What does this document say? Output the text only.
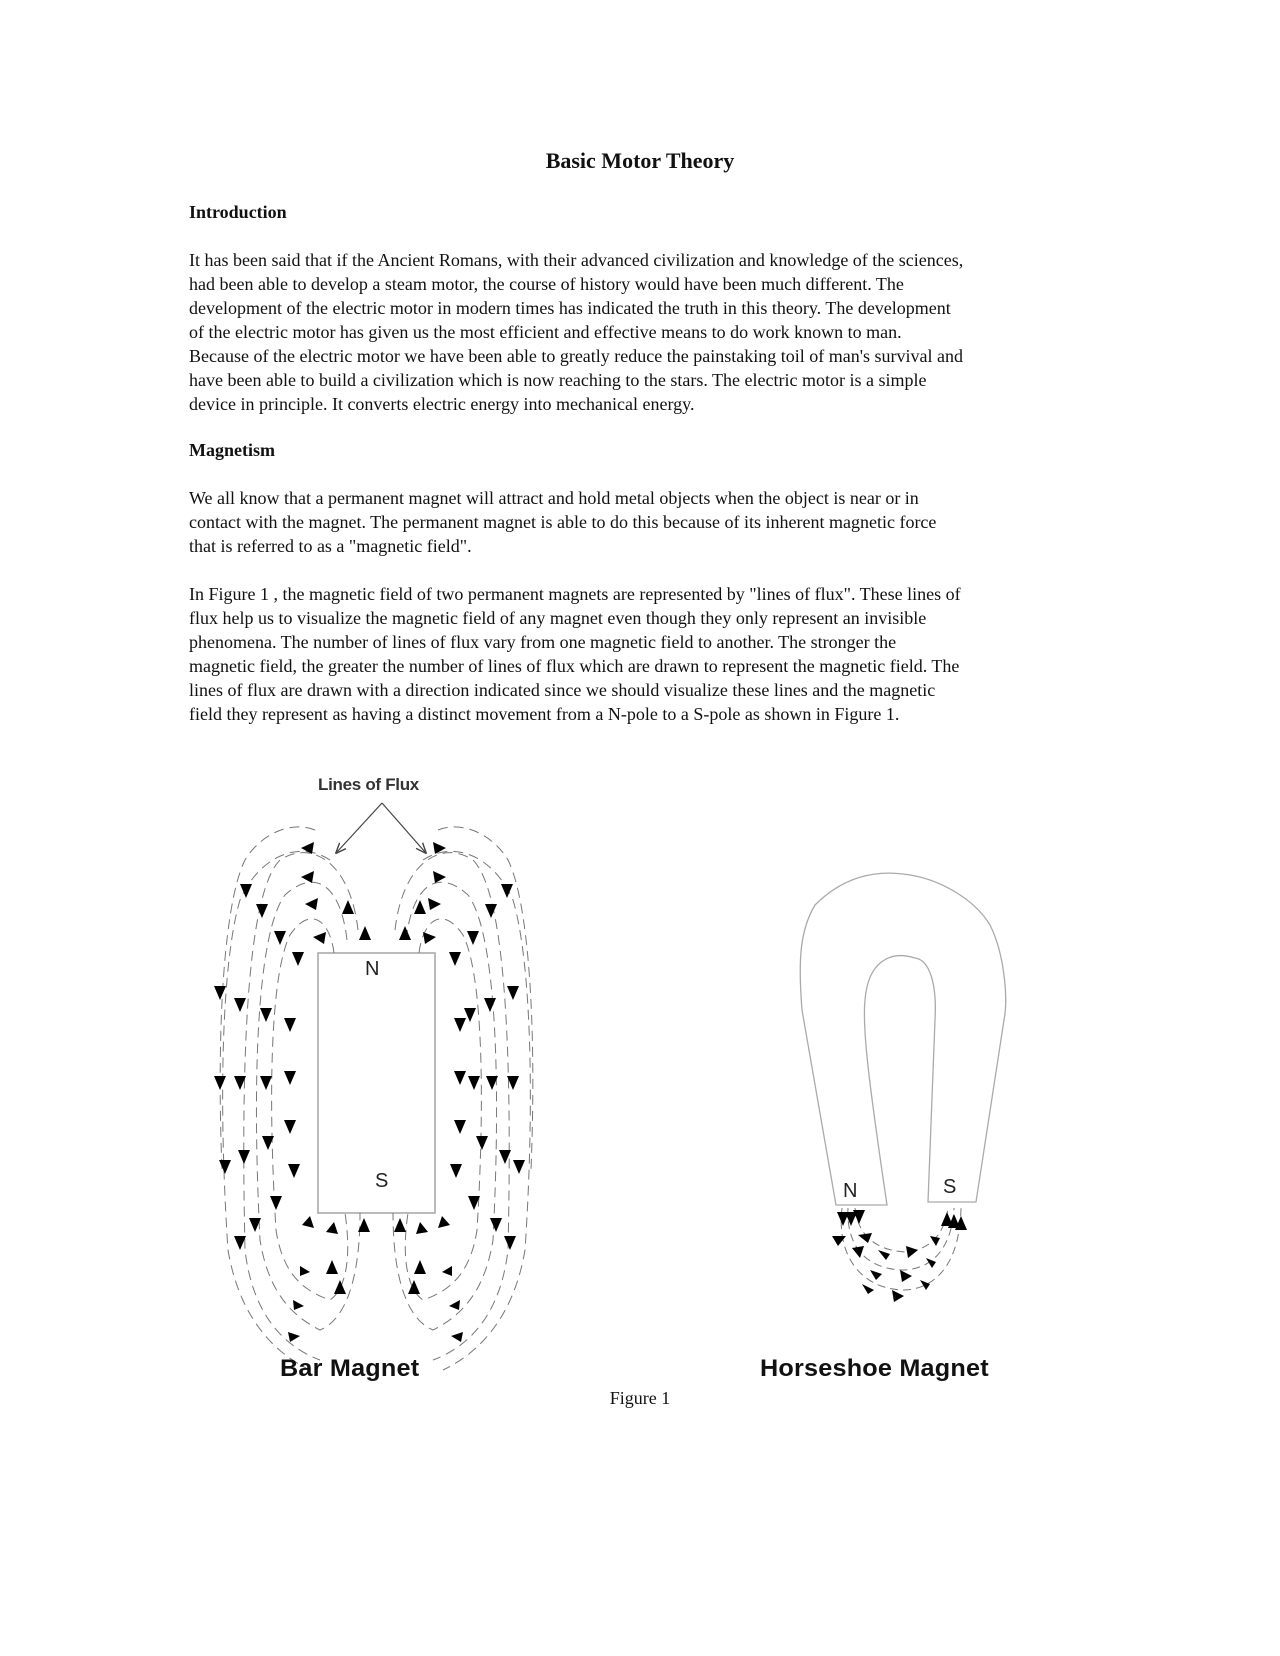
Basic Motor Theory
Introduction

It has been said that if the Ancient Romans, with their advanced civilization and knowledge of the sciences,
had been able to develop a steam motor, the course of history would have been much different. The
development of the electric motor in modern times has indicated the truth in this theory. The development
of the electric motor has given us the most efficient and effective means to do work known to man.
Because of the electric motor we have been able to greatly reduce the painstaking toil of man's survival and
have been able to build a civilization which is now reaching to the stars. The electric motor is a simple
device in principle. It converts electric energy into mechanical energy.

Magnetism

We all know that a permanent magnet will attract and hold metal objects when the object is near or in
contact with the magnet. The permanent magnet is able to do this because of its inherent magnetic force
that is referred to as a "magnetic field".

In Figure 1 , the magnetic field of two permanent magnets are represented by "lines of flux". These lines of
flux help us to visualize the magnetic field of any magnet even though they only represent an invisible
phenomena. The number of lines of flux vary from one magnetic field to another. The stronger the
magnetic field, the greater the number of lines of flux which are drawn to represent the magnetic field. The
lines of flux are drawn with a direction indicated since we should visualize these lines and the magnetic
field they represent as having a distinct movement from a N-pole to a S-pole as shown in Figure 1.

Lines of Flux
N
S	N	S
Bar Magnet	Horseshoe Magnet
Figure 1
